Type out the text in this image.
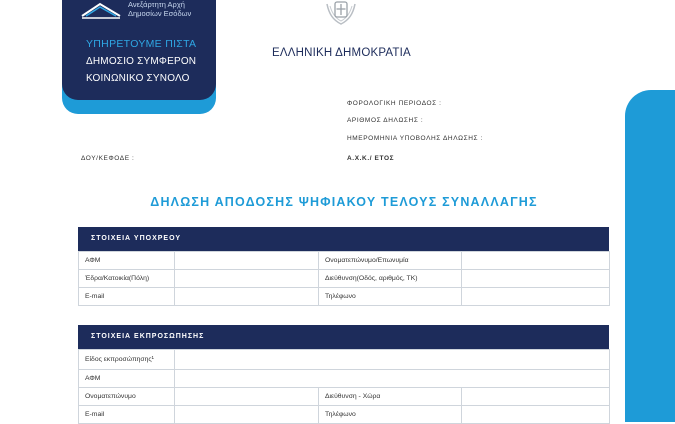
Ανεξάρτητη Αρχή
Δημοσίων Εσόδων
ΥΠΗΡΕΤΟΥΜΕ ΠΙΣΤΑ
ΔΗΜΟΣΙΟ ΣΥΜΦΕΡΟΝ
ΚΟΙΝΩΝΙΚΟ ΣΥΝΟΛΟ
ΕΛΛΗΝΙΚΗ ΔΗΜΟΚΡΑΤΙΑ
ΦΟΡΟΛΟΓΙΚΗ ΠΕΡΙΟΔΟΣ :
ΑΡΙΘΜΟΣ ΔΗΛΩΣΗΣ :
ΗΜΕΡΟΜΗΝΙΑ ΥΠΟΒΟΛΗΣ ΔΗΛΩΣΗΣ :
ΔΟΥ/ΚΕΦΟΔΕ :	Α.Χ.Κ./ ΕΤΟΣ
ΔΗΛΩΣΗ ΑΠΟΔΟΣΗΣ ΨΗΦΙΑΚΟΥ ΤΕΛΟΥΣ ΣΥΝΑΛΛΑΓΗΣ
ΣΤΟΙΧΕΙΑ ΥΠΟΧΡΕΟΥ
ΑΦΜ		Ονοματεπώνυμο/Επωνυμία	
Έδρα/Κατοικία(Πόλη)		Διεύθυνση(Οδός, αριθμός, ΤΚ)	
E-mail		Τηλέφωνο	
ΣΤΟΙΧΕΙΑ ΕΚΠΡΟΣΩΠΗΣΗΣ
Είδος εκπροσώπησης¹			
ΑΦΜ			
Ονοματεπώνυμο		Διεύθυνση - Χώρα	
E-mail		Τηλέφωνο	
